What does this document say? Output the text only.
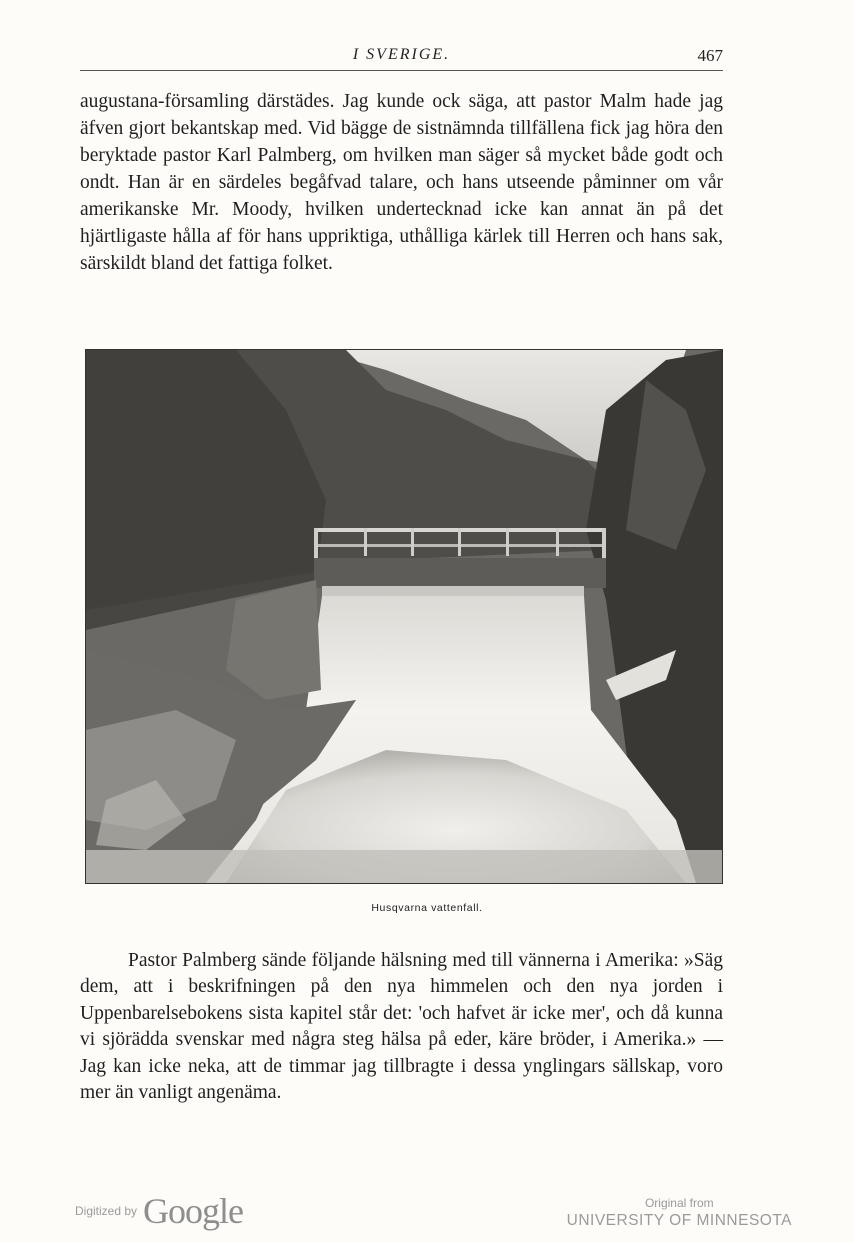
I SVERIGE.	467

augustana-församling därstädes. Jag kunde ock säga, att pastor Malm hade jag äfven gjort bekantskap med. Vid bägge de sistnämnda tillfällena fick jag höra den beryktade pastor Karl Palmberg, om hvilken man säger så mycket både godt och ondt. Han är en särdeles begåfvad talare, och hans utseende påminner om vår amerikanske Mr. Moody, hvilken undertecknad icke kan annat än på det hjärtligaste hålla af för hans uppriktiga, uthålliga kärlek till Herren och hans sak, särskildt bland det fattiga folket.

Husqvarna vattenfall.

Pastor Palmberg sände följande hälsning med till vännerna i Amerika: »Säg dem, att i beskrifningen på den nya himmelen och den nya jorden i Uppenbarelsebokens sista kapitel står det: 'och hafvet är icke mer', och då kunna vi sjörädda svenskar med några steg hälsa på eder, käre bröder, i Amerika.» — Jag kan icke neka, att de timmar jag tillbragte i dessa ynglingars sällskap, voro mer än vanligt angenäma.

Digitized by Google	Original from
UNIVERSITY OF MINNESOTA
